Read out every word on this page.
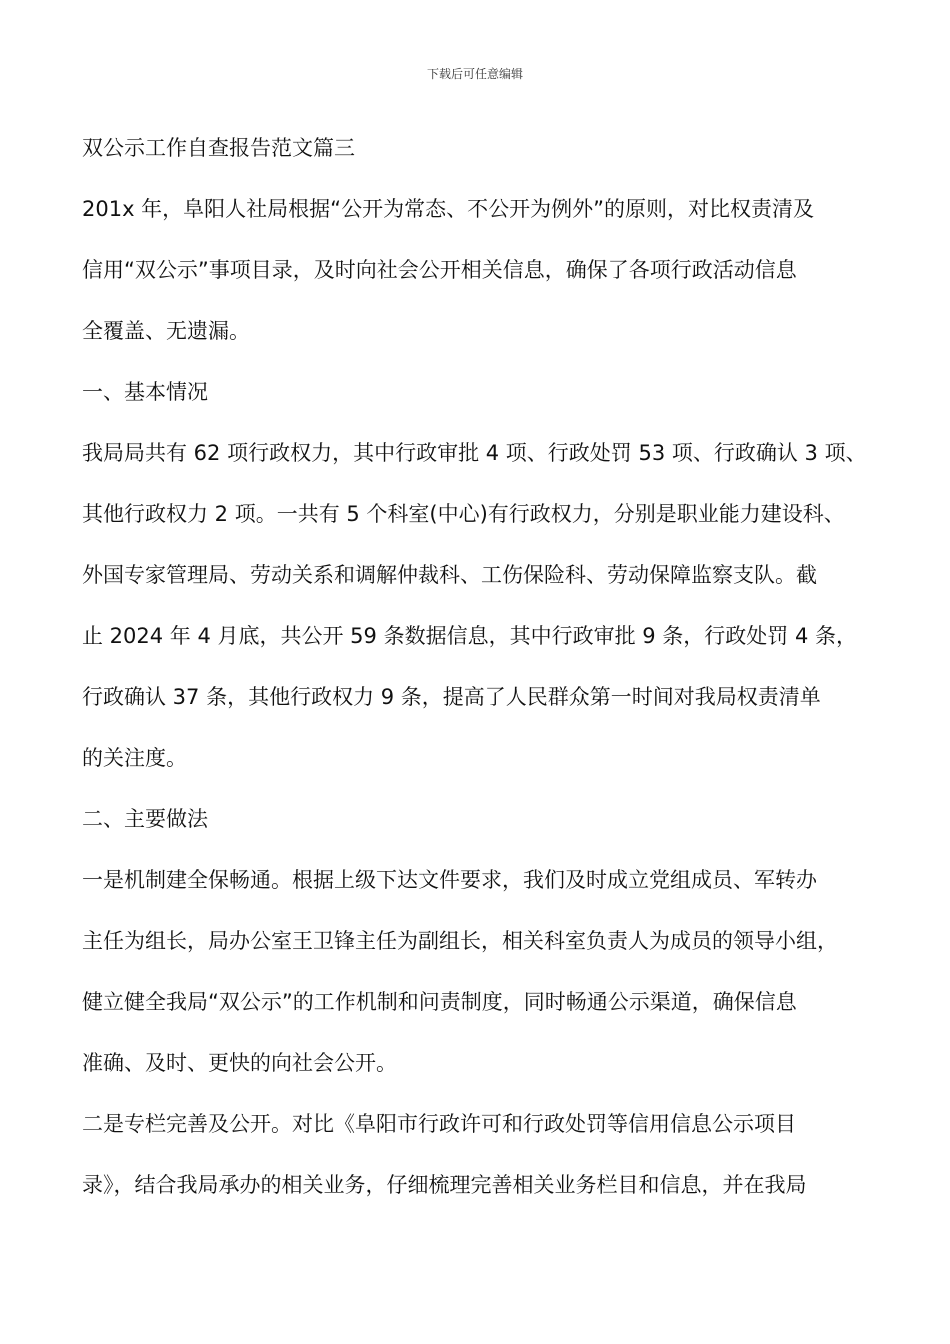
下载后可任意编辑
双公示工作自查报告范文篇三
201x 年，阜阳人社局根据“公开为常态、不公开为例外”的原则，对比权责清及
信用“双公示”事项目录，及时向社会公开相关信息，确保了各项行政活动信息
全覆盖、无遗漏。
一、基本情况
我局局共有 62 项行政权力，其中行政审批 4 项、行政处罚 53 项、行政确认 3 项、
其他行政权力 2 项。一共有 5 个科室(中心)有行政权力，分别是职业能力建设科、
外国专家管理局、劳动关系和调解仲裁科、工伤保险科、劳动保障监察支队。截
止 2024 年 4 月底，共公开 59 条数据信息，其中行政审批 9 条，行政处罚 4 条，
行政确认 37 条，其他行政权力 9 条，提高了人民群众第一时间对我局权责清单
的关注度。
二、主要做法
一是机制建全保畅通。根据上级下达文件要求，我们及时成立党组成员、军转办
主任为组长，局办公室王卫锋主任为副组长，相关科室负责人为成员的领导小组，
健立健全我局“双公示”的工作机制和问责制度，同时畅通公示渠道，确保信息
准确、及时、更快的向社会公开。
二是专栏完善及公开。对比《阜阳市行政许可和行政处罚等信用信息公示项目
录》，结合我局承办的相关业务，仔细梳理完善相关业务栏目和信息，并在我局
